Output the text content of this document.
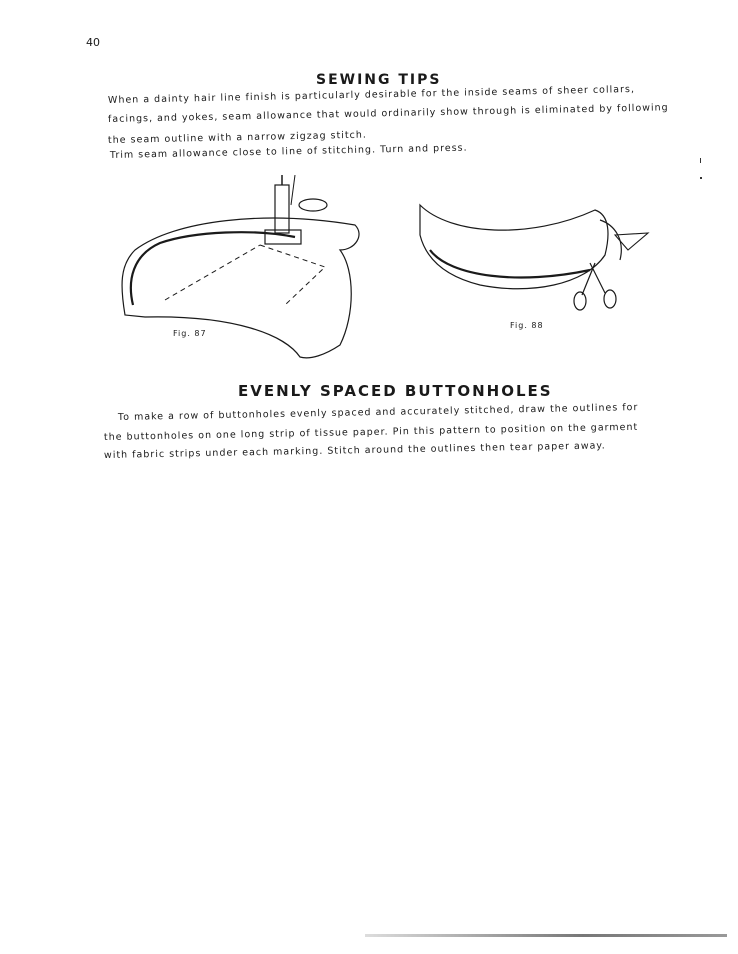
40
SEWING TIPS
When a dainty hair line finish is particularly desirable for the inside seams of sheer collars,
facings, and yokes, seam allowance that would ordinarily show through is eliminated by following
the seam outline with a narrow zigzag stitch.
Trim seam allowance close to line of stitching. Turn and press.
Fig. 87
Fig. 88
EVENLY SPACED BUTTONHOLES
To make a row of buttonholes evenly spaced and accurately stitched, draw the outlines for
the buttonholes on one long strip of tissue paper. Pin this pattern to position on the garment
with fabric strips under each marking. Stitch around the outlines then tear paper away.
